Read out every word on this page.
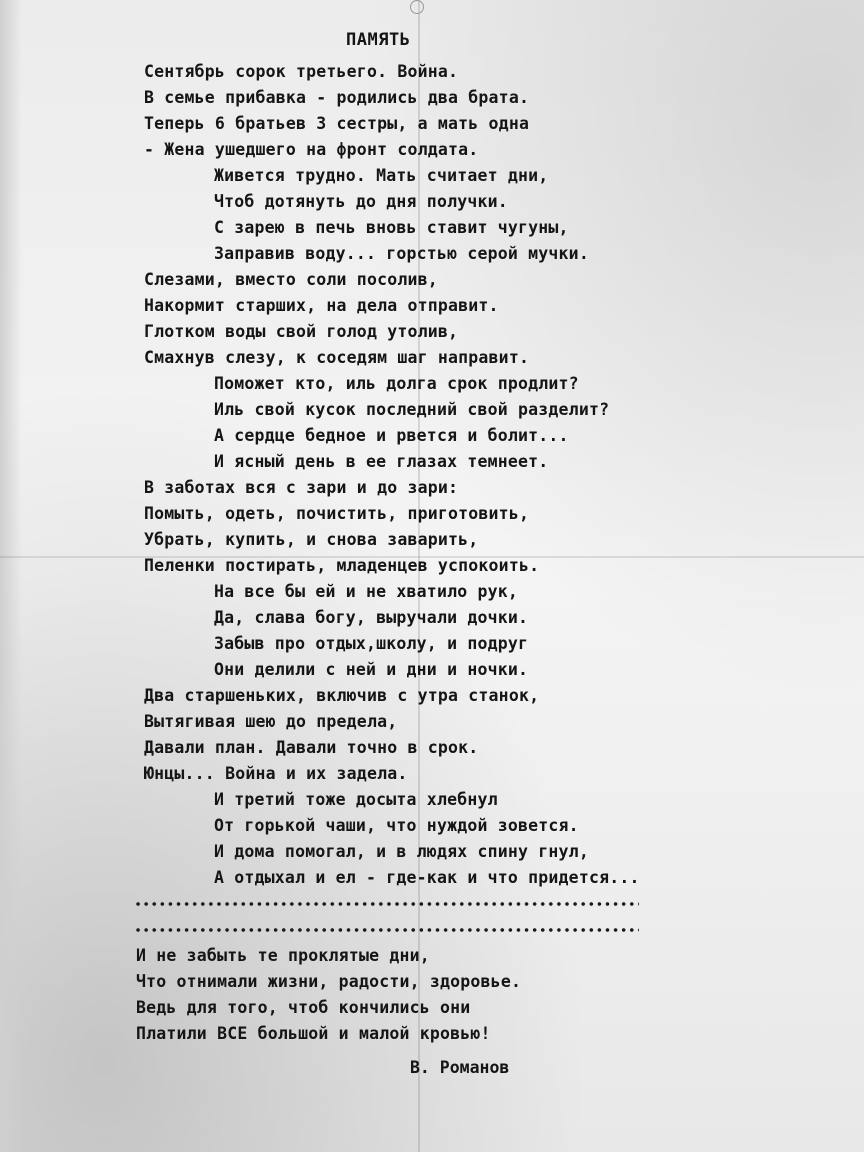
ПАМЯТЬ
Сентябрь сорок третьего. Война.
В семье прибавка - родились два брата.
Теперь 6 братьев 3 сестры, а мать одна
- Жена ушедшего на фронт солдата.
Живется трудно. Мать считает дни,
Чтоб дотянуть до дня получки.
С зарею в печь вновь ставит чугуны,
Заправив воду... горстью серой мучки.
Слезами, вместо соли посолив,
Накормит старших, на дела отправит.
Глотком воды свой голод утолив,
Смахнув слезу, к соседям шаг направит.
Поможет кто, иль долга срок продлит?
Иль свой кусок последний свой разделит?
А сердце бедное и рвется и болит...
И ясный день в ее глазах темнеет.
В заботах вся с зари и до зари:
Помыть, одеть, почистить, приготовить,
Убрать, купить, и снова заварить,
Пеленки постирать, младенцев успокоить.
На все бы ей и не хватило рук,
Да, слава богу, выручали дочки.
Забыв про отдых,школу, и подруг
Они делили с ней и дни и ночки.
Два старшеньких, включив с утра станок,
Вытягивая шею до предела,
Давали план. Давали точно в срок.
Юнцы... Война и их задела.
И третий тоже досыта хлебнул
От горькой чаши, что нуждой зовется.
И дома помогал, и в людях спину гнул,
А отдыхал и ел - где-как и что придется...
И не забыть те проклятые дни,
Что отнимали жизни, радости, здоровье.
Ведь для того, чтоб кончились они
Платили ВСЕ большой и малой кровью!
В. Романов
